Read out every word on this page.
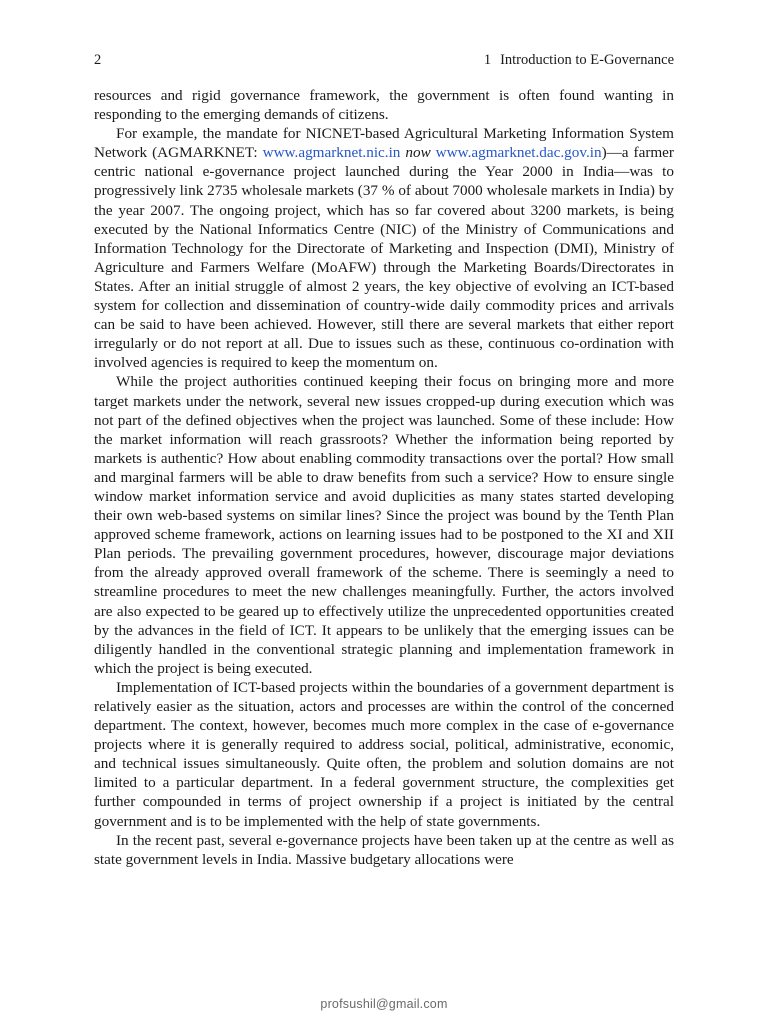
2	1 Introduction to E-Governance

resources and rigid governance framework, the government is often found wanting in responding to the emerging demands of citizens.

For example, the mandate for NICNET-based Agricultural Marketing Information System Network (AGMARKNET: www.agmarknet.nic.in now www.agmarknet.dac.gov.in)—a farmer centric national e-governance project launched during the Year 2000 in India—was to progressively link 2735 wholesale markets (37 % of about 7000 wholesale markets in India) by the year 2007. The ongoing project, which has so far covered about 3200 markets, is being executed by the National Informatics Centre (NIC) of the Ministry of Communications and Information Technology for the Directorate of Marketing and Inspection (DMI), Ministry of Agriculture and Farmers Welfare (MoAFW) through the Marketing Boards/Directorates in States. After an initial struggle of almost 2 years, the key objective of evolving an ICT-based system for collection and dissemination of country-wide daily commodity prices and arrivals can be said to have been achieved. However, still there are several markets that either report irregularly or do not report at all. Due to issues such as these, continuous co-ordination with involved agencies is required to keep the momentum on.

While the project authorities continued keeping their focus on bringing more and more target markets under the network, several new issues cropped-up during execution which was not part of the defined objectives when the project was launched. Some of these include: How the market information will reach grassroots? Whether the information being reported by markets is authentic? How about enabling commodity transactions over the portal? How small and marginal farmers will be able to draw benefits from such a service? How to ensure single window market information service and avoid duplicities as many states started developing their own web-based systems on similar lines? Since the project was bound by the Tenth Plan approved scheme framework, actions on learning issues had to be postponed to the XI and XII Plan periods. The prevailing government procedures, however, discourage major deviations from the already approved overall framework of the scheme. There is seemingly a need to streamline procedures to meet the new challenges meaningfully. Further, the actors involved are also expected to be geared up to effectively utilize the unprecedented opportunities created by the advances in the field of ICT. It appears to be unlikely that the emerging issues can be diligently handled in the conventional strategic planning and implementation framework in which the project is being executed.

Implementation of ICT-based projects within the boundaries of a government department is relatively easier as the situation, actors and processes are within the control of the concerned department. The context, however, becomes much more complex in the case of e-governance projects where it is generally required to address social, political, administrative, economic, and technical issues simultaneously. Quite often, the problem and solution domains are not limited to a particular department. In a federal government structure, the complexities get further compounded in terms of project ownership if a project is initiated by the central government and is to be implemented with the help of state governments.

In the recent past, several e-governance projects have been taken up at the centre as well as state government levels in India. Massive budgetary allocations were

profsushil@gmail.com
